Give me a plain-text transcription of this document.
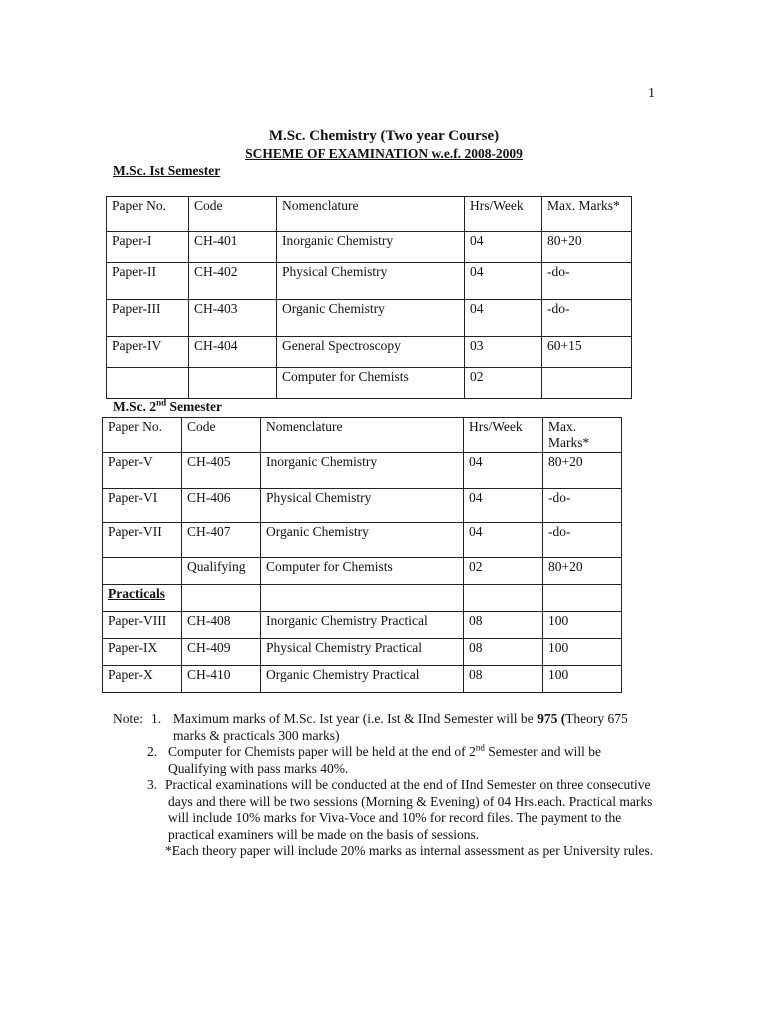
1
M.Sc. Chemistry (Two year Course)
SCHEME OF EXAMINATION w.e.f. 2008-2009
M.Sc. Ist Semester
Paper No.	Code	Nomenclature	Hrs/Week	Max. Marks*
Paper-I	CH-401	Inorganic Chemistry	04	80+20
Paper-II	CH-402	Physical Chemistry	04	-do-
Paper-III	CH-403	Organic Chemistry	04	-do-
Paper-IV	CH-404	General Spectroscopy	03	60+15
		Computer for Chemists	02	
M.Sc. 2nd Semester
Paper No.	Code	Nomenclature	Hrs/Week	Max. Marks*
Paper-V	CH-405	Inorganic Chemistry	04	80+20
Paper-VI	CH-406	Physical Chemistry	04	-do-
Paper-VII	CH-407	Organic Chemistry	04	-do-
	Qualifying	Computer for Chemists	02	80+20
Practicals				
Paper-VIII	CH-408	Inorganic Chemistry Practical	08	100
Paper-IX	CH-409	Physical Chemistry Practical	08	100
Paper-X	CH-410	Organic Chemistry Practical	08	100
Note: 1. Maximum marks of M.Sc. Ist year (i.e. Ist & IInd Semester will be 975 (Theory 675 marks & practicals 300 marks)
2. Computer for Chemists paper will be held at the end of 2nd Semester and will be Qualifying with pass marks 40%.
3. Practical examinations will be conducted at the end of IInd Semester on three consecutive days and there will be two sessions (Morning & Evening) of 04 Hrs.each. Practical marks will include 10% marks for Viva-Voce and 10% for record files. The payment to the practical examiners will be made on the basis of sessions.
*Each theory paper will include 20% marks as internal assessment as per University rules.
